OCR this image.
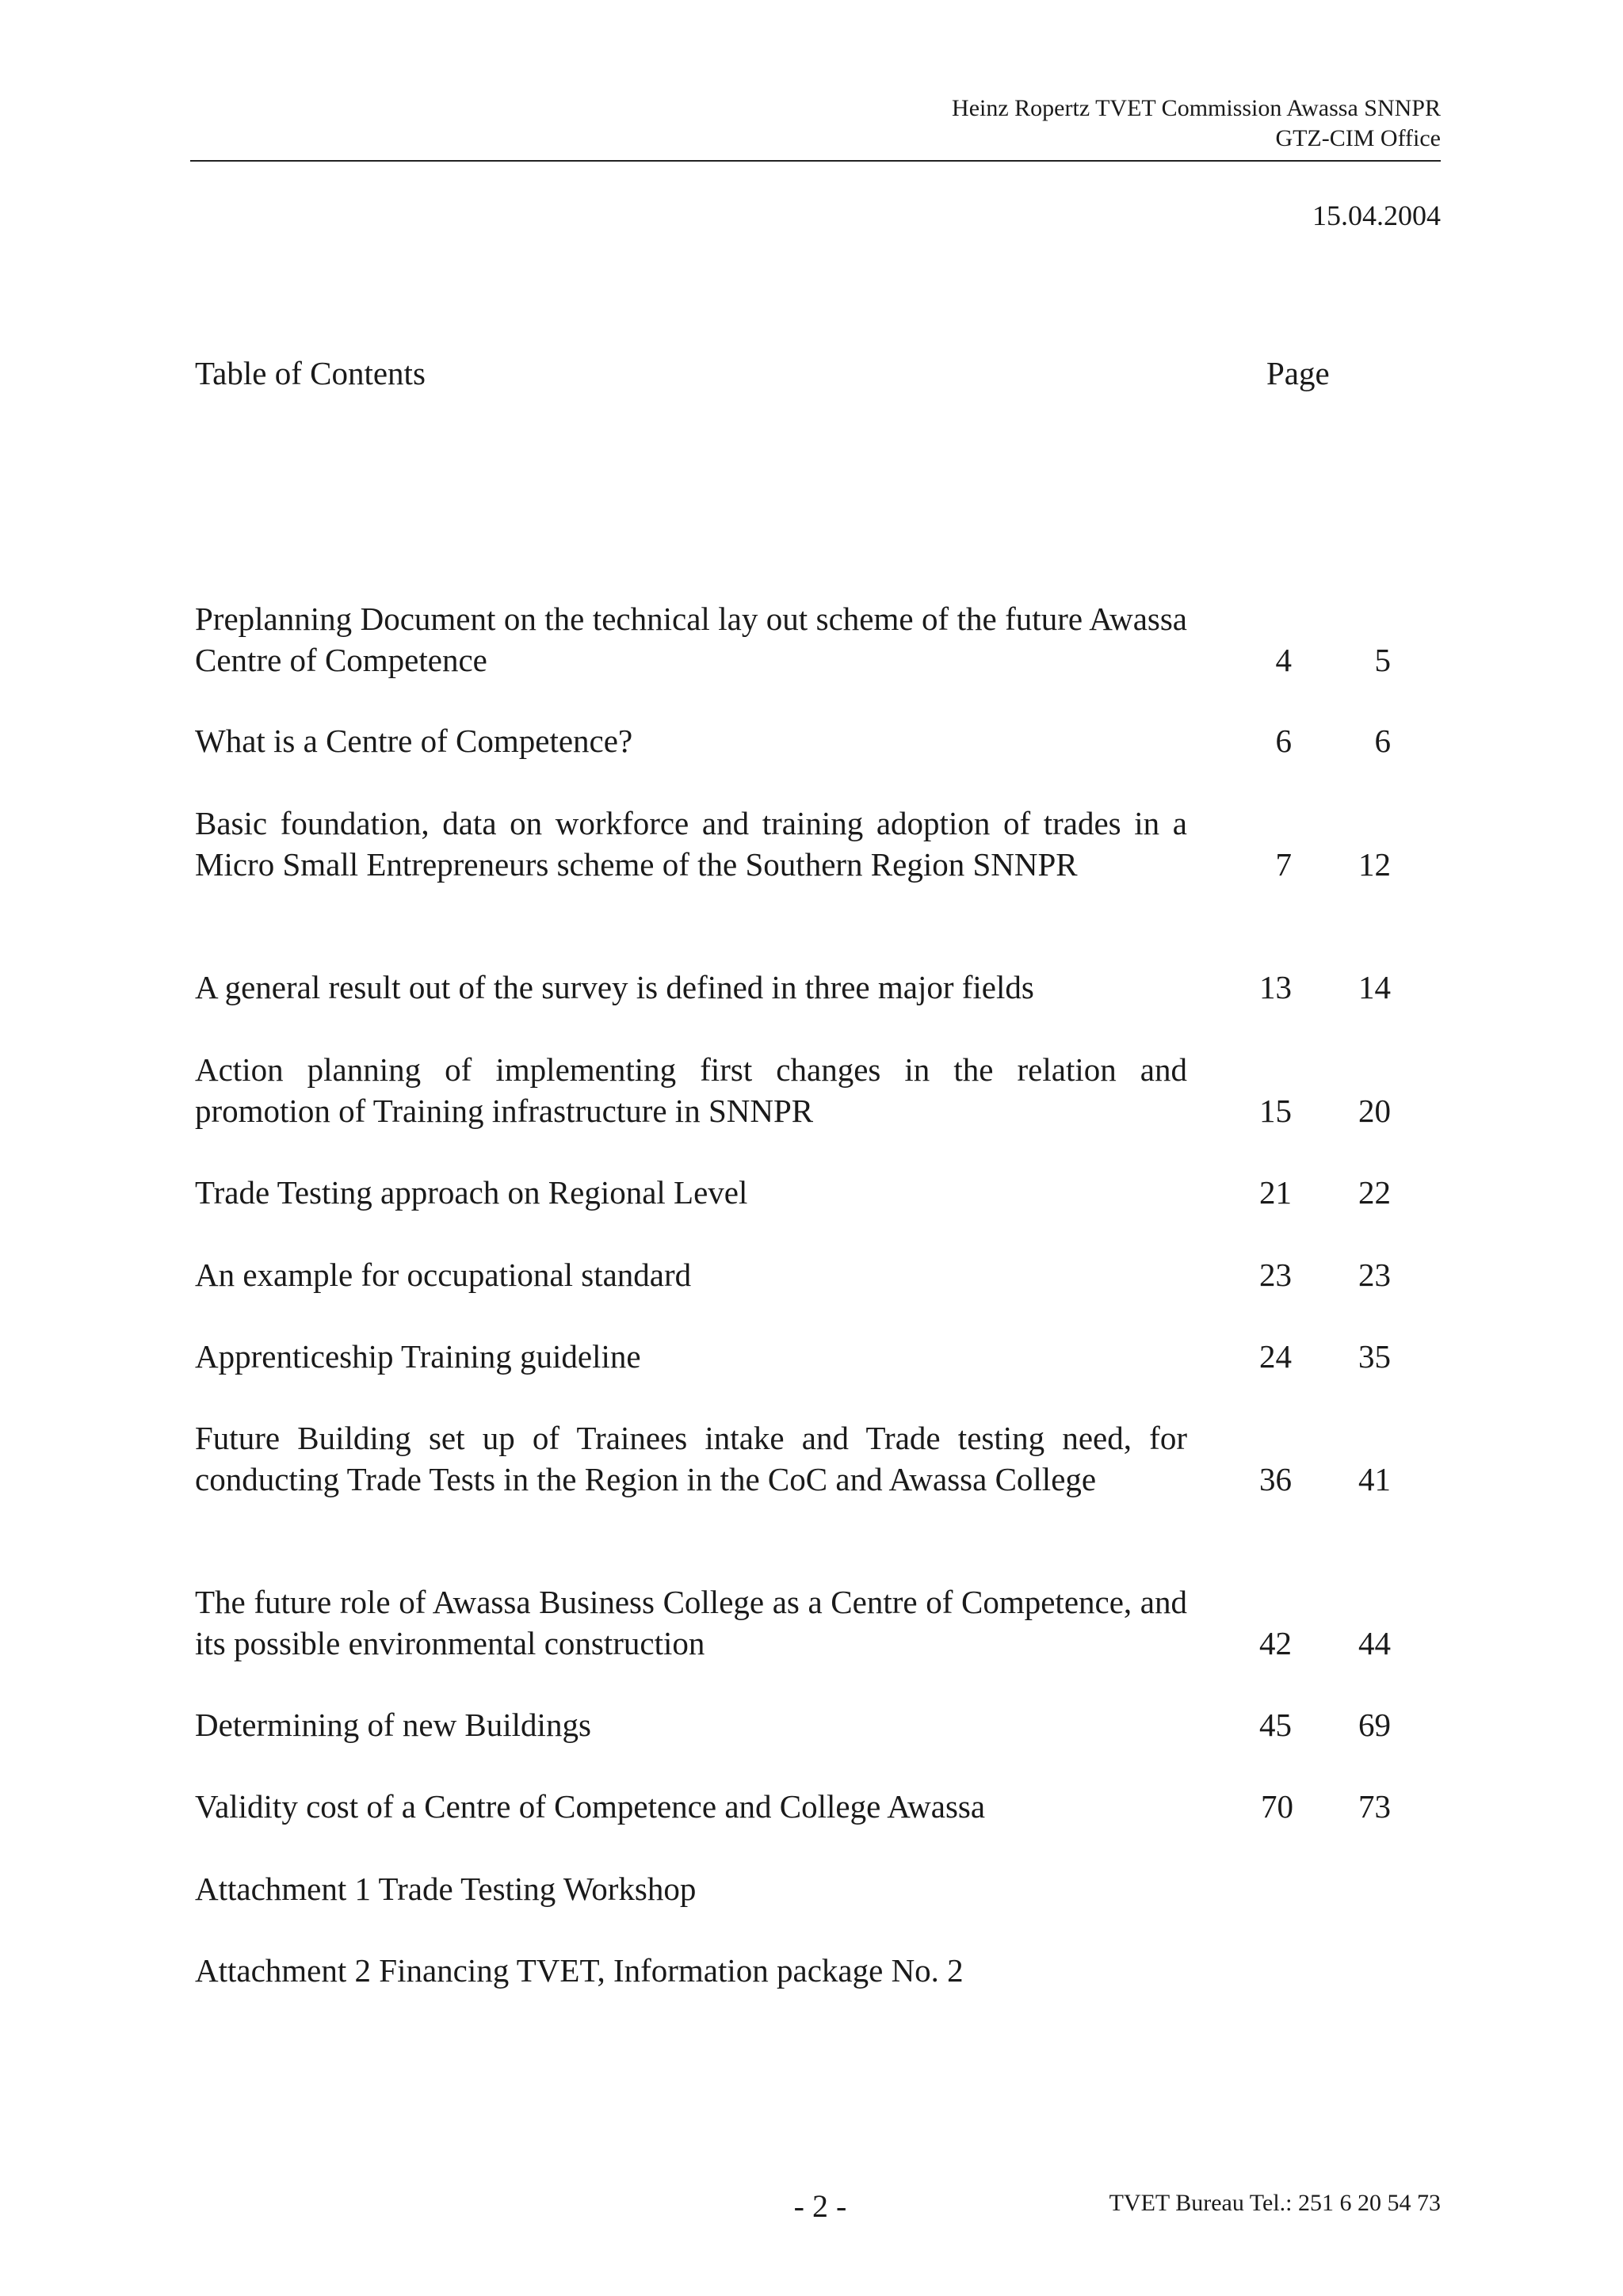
Heinz Ropertz TVET Commission Awassa SNNPR
GTZ-CIM Office
15.04.2004
Table of Contents	Page
Preplanning Document on the technical lay out scheme of the future Awassa Centre of Competence	4	5
What is a Centre of Competence?	6	6
Basic foundation, data on workforce and training adoption of trades in a Micro Small Entrepreneurs scheme of the Southern Region SNNPR	7	12
A general result out of the survey is defined in three major fields	13	14
Action planning of implementing first changes in the relation and promotion of Training infrastructure in SNNPR	15	20
Trade Testing approach on Regional Level	21	22
An example for occupational standard	23	23
Apprenticeship Training guideline	24	35
Future Building set up of Trainees intake and Trade testing need, for conducting Trade Tests in the Region in the CoC and Awassa College	36	41
The future role of Awassa Business College as a Centre of Competence, and its possible environmental construction	42	44
Determining of new Buildings	45	69
Validity cost of a Centre of Competence and College Awassa	70	73
Attachment 1 Trade Testing Workshop
Attachment 2 Financing TVET, Information package No. 2
- 2 -	TVET Bureau Tel.: 251 6 20 54 73
